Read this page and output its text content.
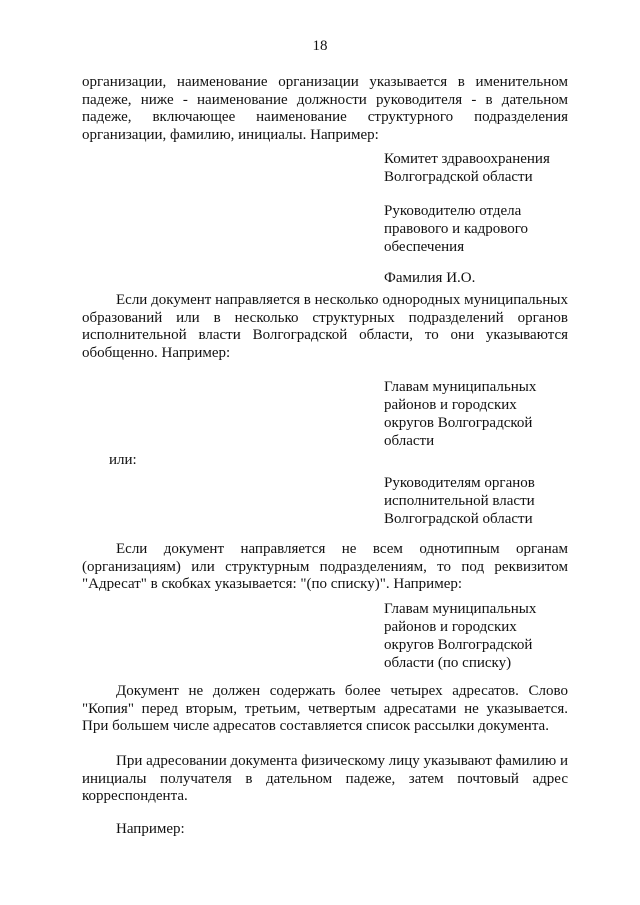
18
организации, наименование организации указывается в именительном падеже, ниже - наименование должности руководителя - в дательном падеже, включающее наименование структурного подразделения организации, фамилию, инициалы. Например:
Комитет здравоохранения
Волгоградской области
Руководителю отдела
правового и кадрового
обеспечения
Фамилия И.О.
Если документ направляется в несколько однородных муниципальных образований или в несколько структурных подразделений органов исполнительной власти Волгоградской области, то они указываются обобщенно. Например:
Главам муниципальных
районов и городских
округов Волгоградской
области
или:
Руководителям органов
исполнительной власти
Волгоградской области
Если документ направляется не всем однотипным органам (организациям) или структурным подразделениям, то под реквизитом "Адресат" в скобках указывается: "(по списку)". Например:
Главам муниципальных
районов и городских
округов Волгоградской
области (по списку)
Документ не должен содержать более четырех адресатов. Слово "Копия" перед вторым, третьим, четвертым адресатами не указывается. При большем числе адресатов составляется список рассылки документа.
При адресовании документа физическому лицу указывают фамилию и инициалы получателя в дательном падеже, затем почтовый адрес корреспондента.
Например:
